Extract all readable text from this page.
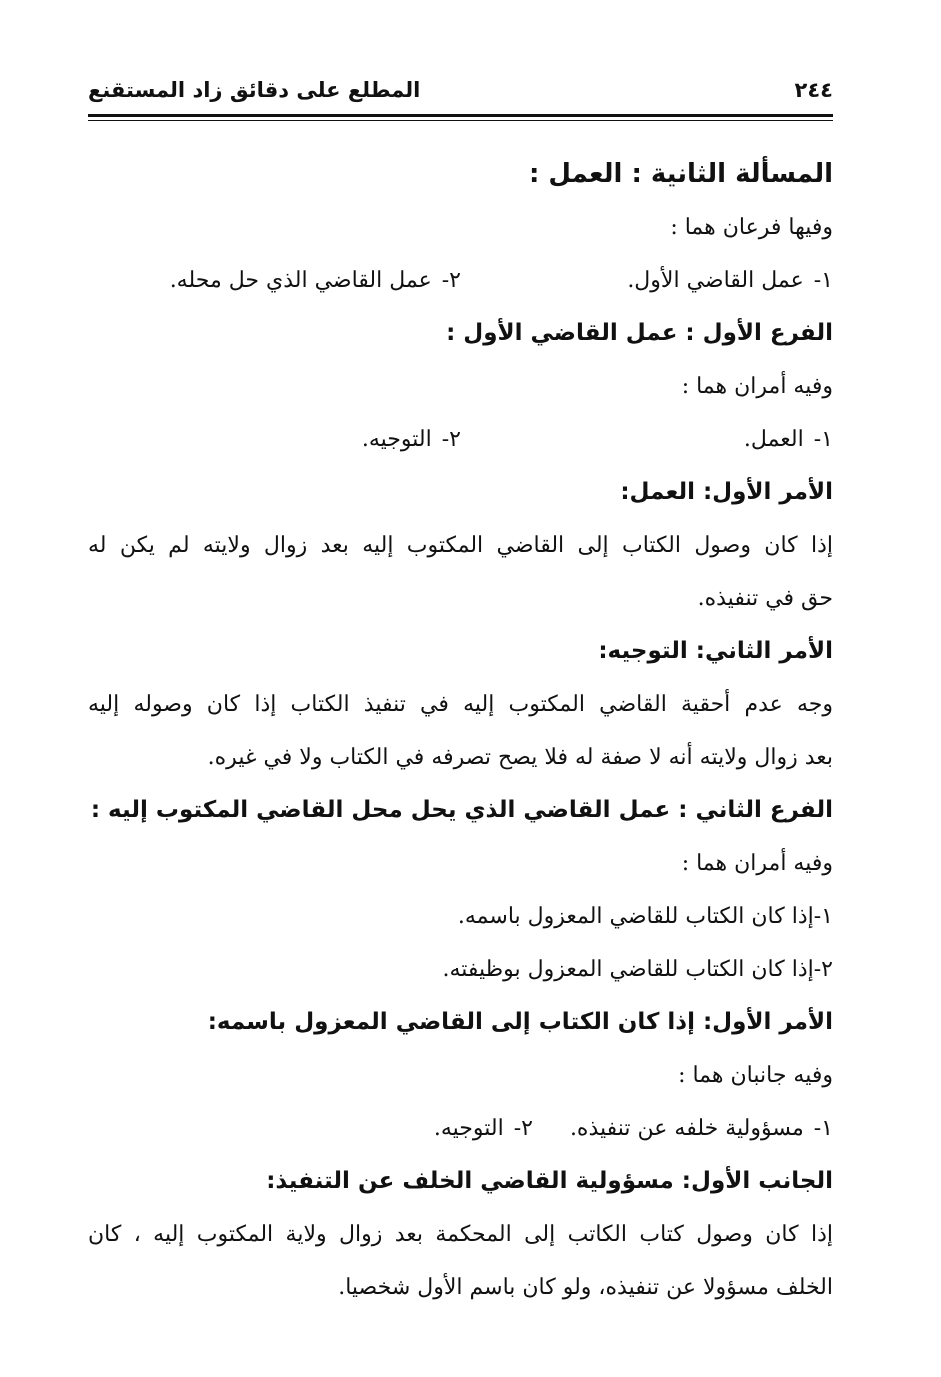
المطلع على دقائق زاد المستقنع	٢٤٤
المسألة الثانية : العمل :
وفيها فرعان هما :
١-عمل القاضي الأول.
٢-عمل القاضي الذي حل محله.
الفرع الأول : عمل القاضي الأول :
وفيه أمران هما :
١-العمل.
٢-التوجيه.
الأمر الأول: العمل:
إذا كان وصول الكتاب إلى القاضي المكتوب إليه بعد زوال ولايته لم يكن له
حق في تنفيذه.
الأمر الثاني: التوجيه:
وجه عدم أحقية القاضي المكتوب إليه في تنفيذ الكتاب إذا كان وصوله إليه
بعد زوال ولايته أنه لا صفة له فلا يصح تصرفه في الكتاب ولا في غيره.
الفرع الثاني : عمل القاضي الذي يحل محل القاضي المكتوب إليه :
وفيه أمران هما :
١-إذا كان الكتاب للقاضي المعزول باسمه.
٢-إذا كان الكتاب للقاضي المعزول بوظيفته.
الأمر الأول: إذا كان الكتاب إلى القاضي المعزول باسمه:
وفيه جانبان هما :
١-مسؤولية خلفه عن تنفيذه.
٢-التوجيه.
الجانب الأول: مسؤولية القاضي الخلف عن التنفيذ:
إذا كان وصول كتاب الكاتب إلى المحكمة بعد زوال ولاية المكتوب إليه ، كان
الخلف مسؤولا عن تنفيذه، ولو كان باسم الأول شخصيا.
